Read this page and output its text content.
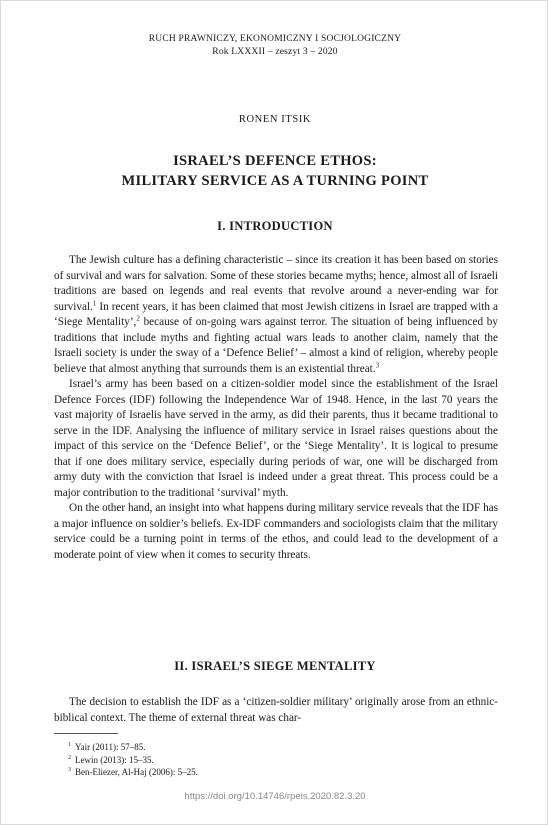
RUCH PRAWNICZY, EKONOMICZNY I SOCJOLOGICZNY
Rok LXXXII – zeszyt 3 – 2020
RONEN ITSIK
ISRAEL’S DEFENCE ETHOS:
MILITARY SERVICE AS A TURNING POINT
I. INTRODUCTION

The Jewish culture has a defining characteristic – since its creation it has been based on stories of survival and wars for salvation. Some of these stories became myths; hence, almost all of Israeli traditions are based on legends and real events that revolve around a never-ending war for survival.$^1$ In recent years, it has been claimed that most Jewish citizens in Israel are trapped with a ‘Siege Mentality’,$^2$ because of on-going wars against terror. The situation of being influenced by traditions that include myths and fighting actual wars leads to another claim, namely that the Israeli society is under the sway of a ‘Defence Belief’ – almost a kind of religion, whereby people believe that almost anything that surrounds them is an existential threat.$^3$

Israel’s army has been based on a citizen-soldier model since the establishment of the Israel Defence Forces (IDF) following the Independence War of 1948. Hence, in the last 70 years the vast majority of Israelis have served in the army, as did their parents, thus it became traditional to serve in the IDF. Analysing the influence of military service in Israel raises questions about the impact of this service on the ‘Defence Belief’, or the ‘Siege Mentality’. It is logical to presume that if one does military service, especially during periods of war, one will be discharged from army duty with the conviction that Israel is indeed under a great threat. This process could be a major contribution to the traditional ‘survival’ myth.

On the other hand, an insight into what happens during military service reveals that the IDF has a major influence on soldier’s beliefs. Ex-IDF commanders and sociologists claim that the military service could be a turning point in terms of the ethos, and could lead to the development of a moderate point of view when it comes to security threats.

II. ISRAEL’S SIEGE MENTALITY

The decision to establish the IDF as a ‘citizen-soldier military’ originally arose from an ethnic-biblical context. The theme of external threat was char-

$^1$ Yair (2011): 57–85.
$^2$ Lewin (2013): 15–35.
$^3$ Ben-Eliezer, Al-Haj (2006): 5–25.
https://doi.org/10.14746/rpeis.2020.82.3.20
